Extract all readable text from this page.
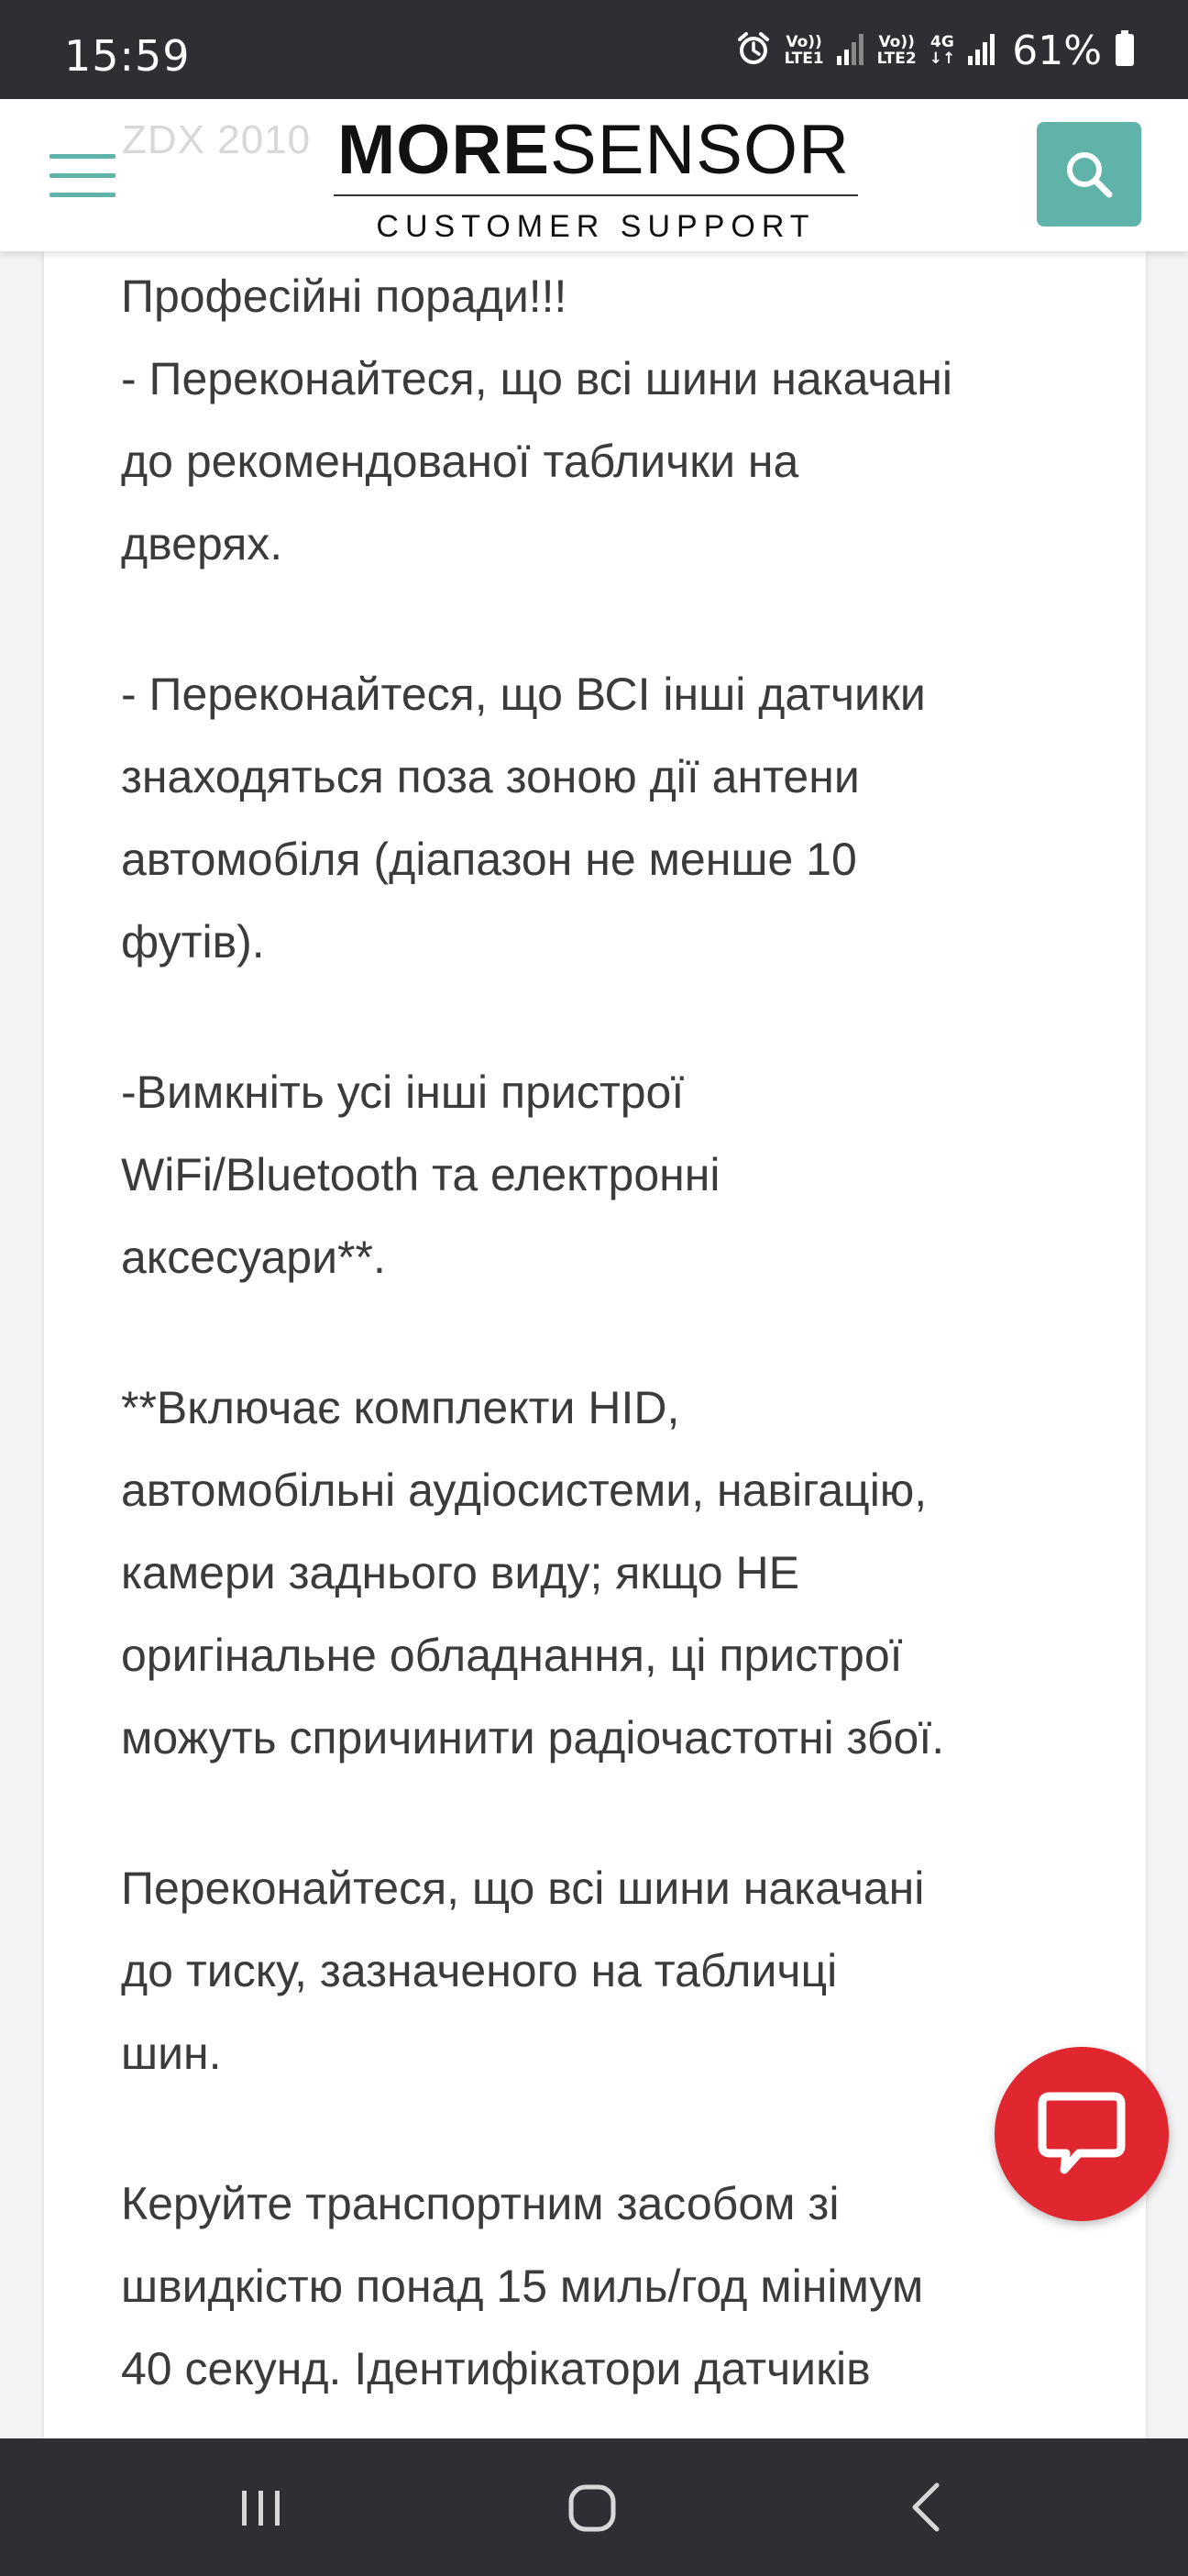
15:59	Vo))
LTE1
Vo))
LTE2
4G
↓↑ 61%

Професійні поради!!!
- Переконайтеся, що всі шини накачані
до рекомендованої таблички на
дверях.

- Переконайтеся, що ВСІ інші датчики
знаходяться поза зоною дії антени
автомобіля (діапазон не менше 10
футів).

-Вимкніть усі інші пристрої
WiFi/Bluetooth та електронні
аксесуари**.

**Включає комплекти HID,
автомобільні аудіосистеми, навігацію,
камери заднього виду; якщо НЕ
оригінальне обладнання, ці пристрої
можуть спричинити радіочастотні збої.

Переконайтеся, що всі шини накачані
до тиску, зазначеного на табличці
шин.

Керуйте транспортним засобом зі
швидкістю понад 15 миль/год мінімум
40 секунд. Ідентифікатори датчиків

ZDX 2010 MORESENSOR
CUSTOMER SUPPORT
